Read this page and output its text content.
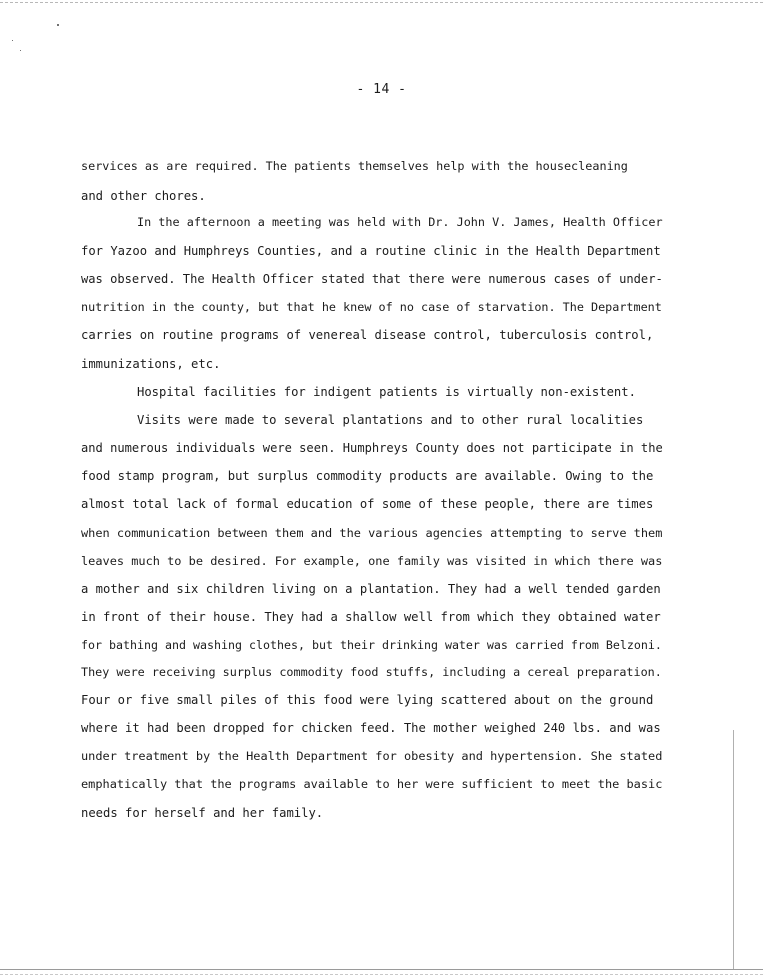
- 14 -
services as are required. The patients themselves help with the housecleaning
and other chores.
In the afternoon a meeting was held with Dr. John V. James, Health Officer
for Yazoo and Humphreys Counties, and a routine clinic in the Health Department
was observed. The Health Officer stated that there were numerous cases of under-
nutrition in the county, but that he knew of no case of starvation. The Department
carries on routine programs of venereal disease control, tuberculosis control,
immunizations, etc.
Hospital facilities for indigent patients is virtually non-existent.
Visits were made to several plantations and to other rural localities
and numerous individuals were seen. Humphreys County does not participate in the
food stamp program, but surplus commodity products are available. Owing to the
almost total lack of formal education of some of these people, there are times
when communication between them and the various agencies attempting to serve them
leaves much to be desired. For example, one family was visited in which there was
a mother and six children living on a plantation. They had a well tended garden
in front of their house. They had a shallow well from which they obtained water
for bathing and washing clothes, but their drinking water was carried from Belzoni.
They were receiving surplus commodity food stuffs, including a cereal preparation.
Four or five small piles of this food were lying scattered about on the ground
where it had been dropped for chicken feed. The mother weighed 240 lbs. and was
under treatment by the Health Department for obesity and hypertension. She stated
emphatically that the programs available to her were sufficient to meet the basic
needs for herself and her family.
